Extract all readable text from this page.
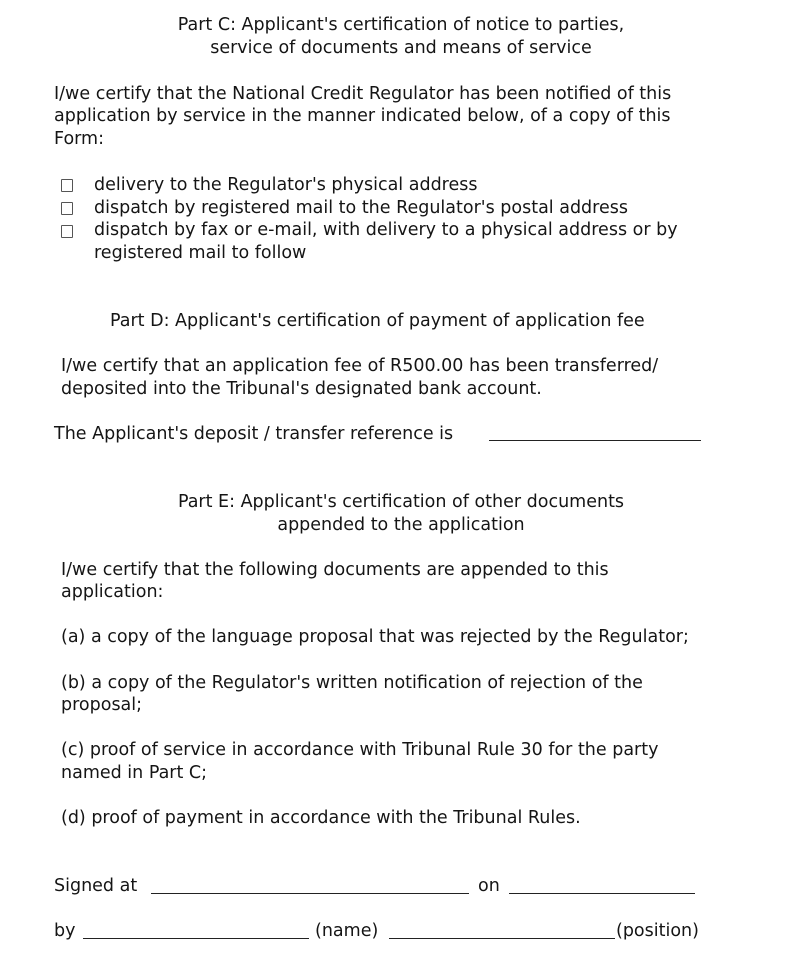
Part C: Applicant's certification of notice to parties,

service of documents and means of service

I/we certify that the National Credit Regulator has been notified of this

application by service in the manner indicated below, of a copy of this

Form:

delivery to the Regulator's physical address

dispatch by registered mail to the Regulator's postal address

dispatch by fax or e-mail, with delivery to a physical address or by

registered mail to follow

Part D: Applicant's certification of payment of application fee

I/we certify that an application fee of R500.00 has been transferred/

deposited into the Tribunal's designated bank account.

The Applicant's deposit / transfer reference is

Part E: Applicant's certification of other documents

appended to the application

I/we certify that the following documents are appended to this

application:

(a) a copy of the language proposal that was rejected by the Regulator;

(b) a copy of the Regulator's written notification of rejection of the

proposal;

(c) proof of service in accordance with Tribunal Rule 30 for the party

named in Part C;

(d) proof of payment in accordance with the Tribunal Rules.

Signed at	on

by	(name)	(position)
